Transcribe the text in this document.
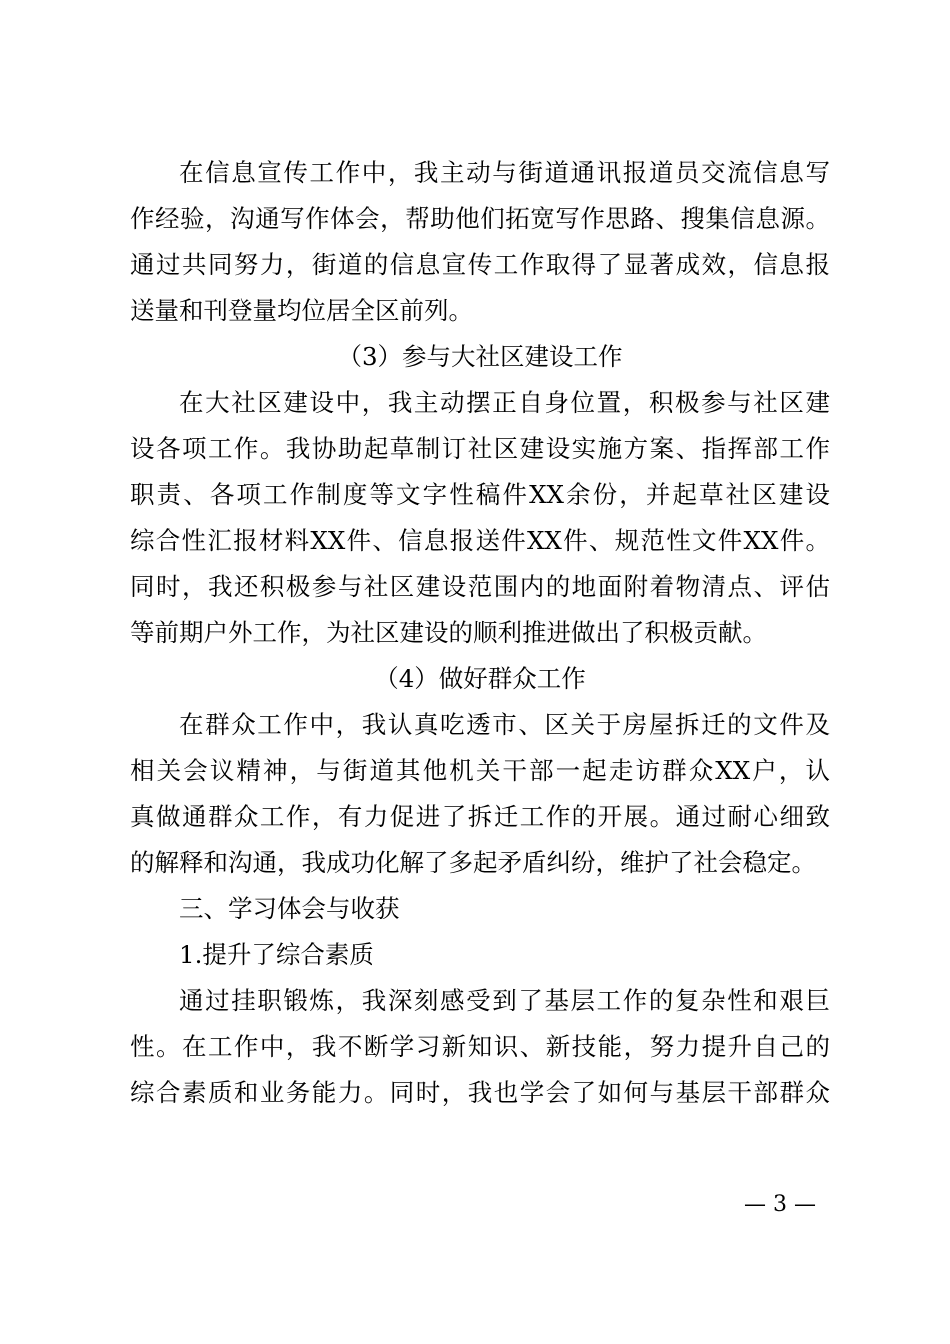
在信息宣传工作中，我主动与街道通讯报道员交流信息写
作经验，沟通写作体会，帮助他们拓宽写作思路、搜集信息源。
通过共同努力，街道的信息宣传工作取得了显著成效，信息报
送量和刊登量均位居全区前列。
（3）参与大社区建设工作
在大社区建设中，我主动摆正自身位置，积极参与社区建
设各项工作。我协助起草制订社区建设实施方案、指挥部工作
职责、各项工作制度等文字性稿件XX余份，并起草社区建设
综合性汇报材料XX件、信息报送件XX件、规范性文件XX件。
同时，我还积极参与社区建设范围内的地面附着物清点、评估
等前期户外工作，为社区建设的顺利推进做出了积极贡献。
（4）做好群众工作
在群众工作中，我认真吃透市、区关于房屋拆迁的文件及
相关会议精神，与街道其他机关干部一起走访群众XX户，认
真做通群众工作，有力促进了拆迁工作的开展。通过耐心细致
的解释和沟通，我成功化解了多起矛盾纠纷，维护了社会稳定。
三、学习体会与收获
1.提升了综合素质
通过挂职锻炼，我深刻感受到了基层工作的复杂性和艰巨
性。在工作中，我不断学习新知识、新技能，努力提升自己的
综合素质和业务能力。同时，我也学会了如何与基层干部群众
— 3 —
